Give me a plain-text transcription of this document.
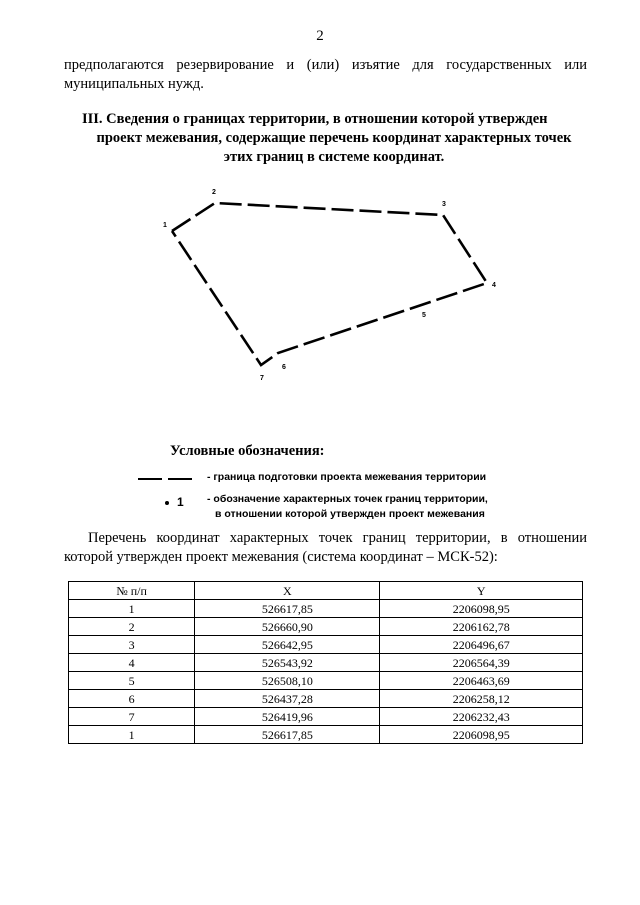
2
предполагаются резервирование и (или) изъятие для государственных или муниципальных нужд.
III. Сведения о границах территории, в отношении которой утвержден
проект межевания, содержащие перечень координат характерных точек
этих границ в системе координат.
1
2
3
4
5
6
7
Условные обозначения:
- граница подготовки проекта межевания территории
1 - обозначение характерных точек границ территории,
в отношении которой утвержден проект межевания
Перечень координат характерных точек границ территории, в отношении которой утвержден проект межевания (система координат – МСК-52):
№ п/п	X	Y
1	526617,85	2206098,95
2	526660,90	2206162,78
3	526642,95	2206496,67
4	526543,92	2206564,39
5	526508,10	2206463,69
6	526437,28	2206258,12
7	526419,96	2206232,43
1	526617,85	2206098,95
